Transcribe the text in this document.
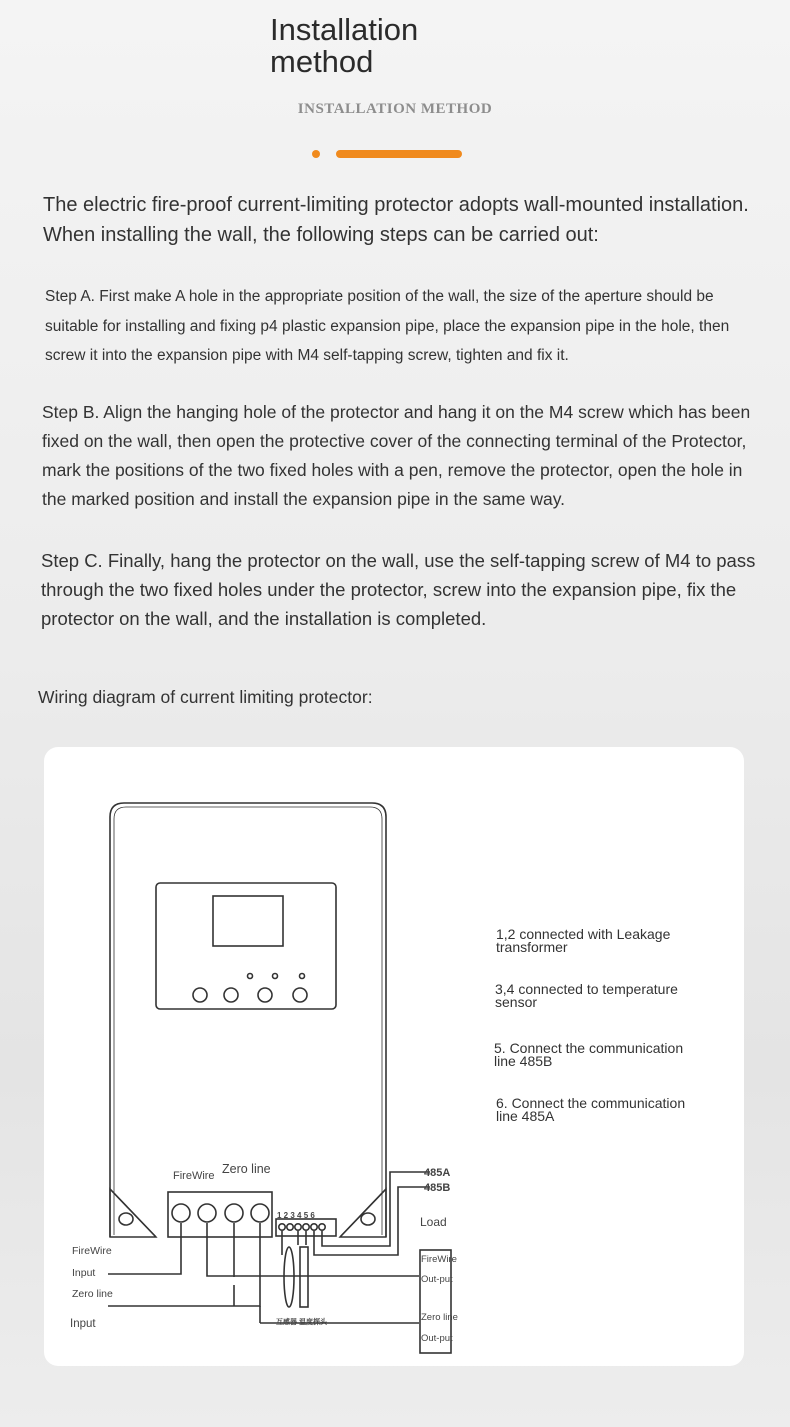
Installation method
INSTALLATION METHOD
The electric fire-proof current-limiting protector adopts wall-mounted installation. When installing the wall, the following steps can be carried out:
Step A. First make A hole in the appropriate position of the wall, the size of the aperture should be suitable for installing and fixing p4 plastic expansion pipe, place the expansion pipe in the hole, then screw it into the expansion pipe with M4 self-tapping screw, tighten and fix it.
Step B. Align the hanging hole of the protector and hang it on the M4 screw which has been fixed on the wall, then open the protective cover of the connecting terminal of the Protector, mark the positions of the two fixed holes with a pen, remove the protector, open the hole in the marked position and install the expansion pipe in the same way.
Step C. Finally, hang the protector on the wall, use the self-tapping screw of M4 to pass through the two fixed holes under the protector, screw into the expansion pipe, fix the protector on the wall, and the installation is completed.
Wiring diagram of current limiting protector:
FireWire Zero line
1 2 3 4 5 6
485A
485B
Load
FireWire
Input
Zero line
Input
FireWire
Out-put
Zero line
Out-put
互感器 温度探头
1,2 connected with Leakage transformer
3,4 connected to temperature sensor
5. Connect the communication line 485B
6. Connect the communication line 485A
